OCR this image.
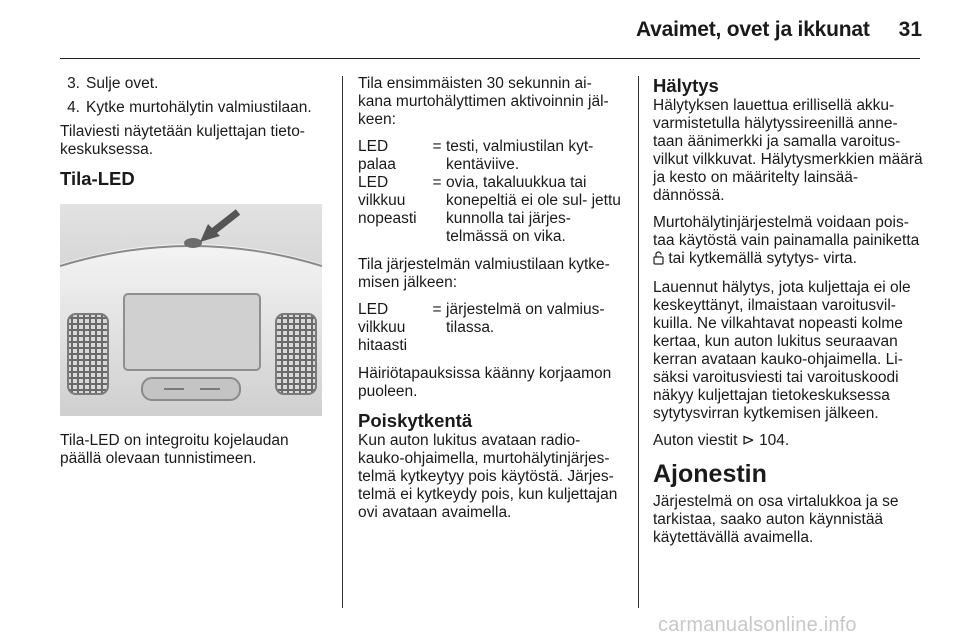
Avaimet, ovet ja ikkunat	31
3. Sulje ovet.
4. Kytke murtohälytin valmiustilaan.

Tilaviesti näytetään kuljettajan tieto- keskuksessa.

Tila-LED

Tila-LED on integroitu kojelaudan päällä olevaan tunnistimeen.

Tila ensimmäisten 30 sekunnin ai- kana murtohälyttimen aktivoinnin jäl- keen:

LED palaa
= testi, valmiustilan kyt- kentäviive.
LED vilkkuu nopeasti
= ovia, takaluukkua tai konepeltiä ei ole sul- jettu kunnolla tai järjes- telmässä on vika.

Tila järjestelmän valmiustilaan kytke- misen jälkeen:

LED vilkkuu hitaasti
= järjestelmä on valmius- tilassa.

Häiriötapauksissa käänny korjaamon puoleen.

Poiskytkentä

Kun auton lukitus avataan radio- kauko-ohjaimella, murtohälytinjärjes- telmä kytkeytyy pois käytöstä. Järjes- telmä ei kytkeydy pois, kun kuljettajan ovi avataan avaimella.

Hälytys

Hälytyksen lauettua erillisellä akku- varmistetulla hälytyssireenillä anne- taan äänimerkki ja samalla varoitus- vilkut vilkkuvat. Hälytysmerkkien määrä ja kesto on määritelty lainsää- dännössä.

Murtohälytinjärjestelmä voidaan pois- taa käytöstä vain painamalla painiketta  tai kytkemällä sytytys- virta.

Lauennut hälytys, jota kuljettaja ei ole keskeyttänyt, ilmaistaan varoitusvil- kuilla. Ne vilkahtavat nopeasti kolme kertaa, kun auton lukitus seuraavan kerran avataan kauko-ohjaimella. Li- säksi varoitusviesti tai varoituskoodi näkyy kuljettajan tietokeskuksessa sytytysvirran kytkemisen jälkeen.

Auton viestit ⊳ 104.

Ajonestin

Järjestelmä on osa virtalukkoa ja se tarkistaa, saako auton käynnistää käytettävällä avaimella.

carmanualsonline.info
